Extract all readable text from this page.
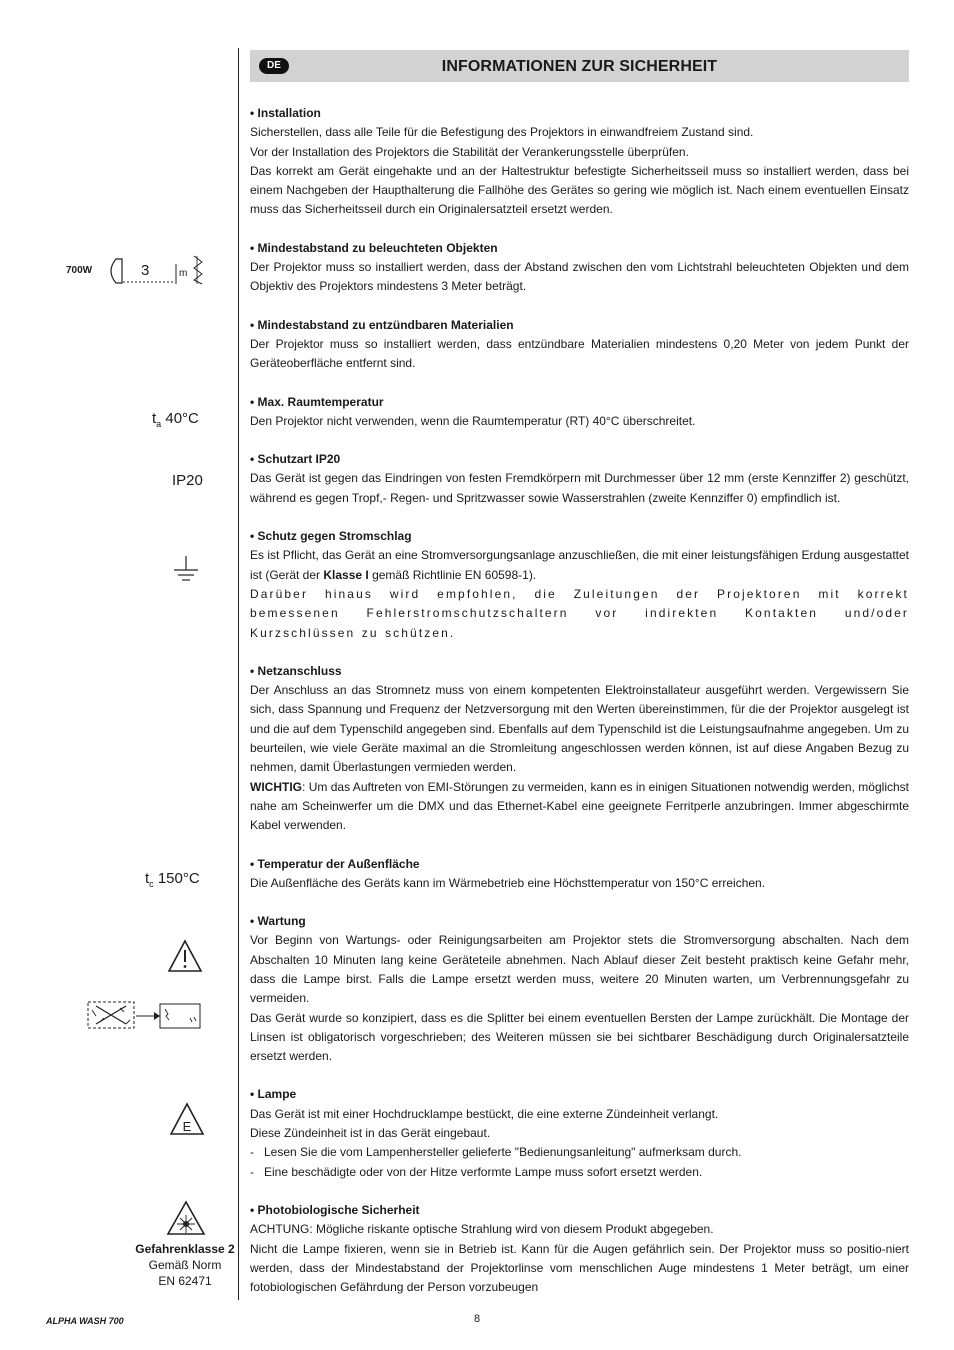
DE	INFORMATIONEN ZUR SICHERHEIT
700W	3	m
$t_a$ 40°C
IP20
$t_c$ 150°C
E
Gefahrenklasse 2
Gemäß Norm
EN 62471
• Installation

Sicherstellen, dass alle Teile für die Befestigung des Projektors in einwandfreiem Zustand sind.

Vor der Installation des Projektors die Stabilität der Verankerungsstelle überprüfen.

Das korrekt am Gerät eingehakte und an der Haltestruktur befestigte Sicherheitsseil muss so installiert werden, dass bei einem Nachgeben der Haupthalterung die Fallhöhe des Gerätes so gering wie möglich ist. Nach einem eventuellen Einsatz muss das Sicherheitsseil durch ein Originalersatzteil ersetzt werden.

• Mindestabstand zu beleuchteten Objekten

Der Projektor muss so installiert werden, dass der Abstand zwischen den vom Lichtstrahl beleuchteten Objekten und dem Objektiv des Projektors mindestens 3 Meter beträgt.

• Mindestabstand zu entzündbaren Materialien

Der Projektor muss so installiert werden, dass entzündbare Materialien mindestens 0,20 Meter von jedem Punkt der Geräteoberfläche entfernt sind.

• Max. Raumtemperatur

Den Projektor nicht verwenden, wenn die Raumtemperatur (RT) 40°C überschreitet.

• Schutzart IP20

Das Gerät ist gegen das Eindringen von festen Fremdkörpern mit Durchmesser über 12 mm (erste Kennziffer 2) geschützt, während es gegen Tropf,- Regen- und Spritzwasser sowie Wasserstrahlen (zweite Kennziffer 0) empfindlich ist.

• Schutz gegen Stromschlag

Es ist Pflicht, das Gerät an eine Stromversorgungsanlage anzuschließen, die mit einer leistungsfähigen Erdung ausgestattet ist (Gerät der Klasse I gemäß Richtlinie EN 60598-1).

Darüber hinaus wird empfohlen, die Zuleitungen der Projektoren mit korrekt bemessenen Fehlerstromschutzschaltern vor indirekten Kontakten und/oder Kurzschlüssen zu schützen.

• Netzanschluss

Der Anschluss an das Stromnetz muss von einem kompetenten Elektroinstallateur ausgeführt werden. Vergewissern Sie sich, dass Spannung und Frequenz der Netzversorgung mit den Werten übereinstimmen, für die der Projektor ausgelegt ist und die auf dem Typenschild angegeben sind. Ebenfalls auf dem Typenschild ist die Leistungsaufnahme angegeben. Um zu beurteilen, wie viele Geräte maximal an die Stromleitung angeschlossen werden können, ist auf diese Angaben Bezug zu nehmen, damit Überlastungen vermieden werden.

WICHTIG: Um das Auftreten von EMI-Störungen zu vermeiden, kann es in einigen Situationen notwendig werden, möglichst nahe am Scheinwerfer um die DMX und das Ethernet-Kabel eine geeignete Ferritperle anzubringen. Immer abgeschirmte Kabel verwenden.

• Temperatur der Außenfläche

Die Außenfläche des Geräts kann im Wärmebetrieb eine Höchsttemperatur von 150°C erreichen.

• Wartung

Vor Beginn von Wartungs- oder Reinigungsarbeiten am Projektor stets die Stromversorgung abschalten. Nach dem Abschalten 10 Minuten lang keine Geräteteile abnehmen. Nach Ablauf dieser Zeit besteht praktisch keine Gefahr mehr, dass die Lampe birst. Falls die Lampe ersetzt werden muss, weitere 20 Minuten warten, um Verbrennungsgefahr zu vermeiden.

Das Gerät wurde so konzipiert, dass es die Splitter bei einem eventuellen Bersten der Lampe zurückhält. Die Montage der Linsen ist obligatorisch vorgeschrieben; des Weiteren müssen sie bei sichtbarer Beschädigung durch Originalersatzteile ersetzt werden.

• Lampe

Das Gerät ist mit einer Hochdrucklampe bestückt, die eine externe Zündeinheit verlangt.

Diese Zündeinheit ist in das Gerät eingebaut.

- Lesen Sie die vom Lampenhersteller gelieferte "Bedienungsanleitung" aufmerksam durch.
- Eine beschädigte oder von der Hitze verformte Lampe muss sofort ersetzt werden.
• Photobiologische Sicherheit

ACHTUNG: Mögliche riskante optische Strahlung wird von diesem Produkt abgegeben.

Nicht die Lampe fixieren, wenn sie in Betrieb ist. Kann für die Augen gefährlich sein. Der Projektor muss so positio-niert werden, dass der Mindestabstand der Projektorlinse vom menschlichen Auge mindestens 1 Meter beträgt, um einer fotobiologischen Gefährdung der Person vorzubeugen

ALPHA WASH 700	8
